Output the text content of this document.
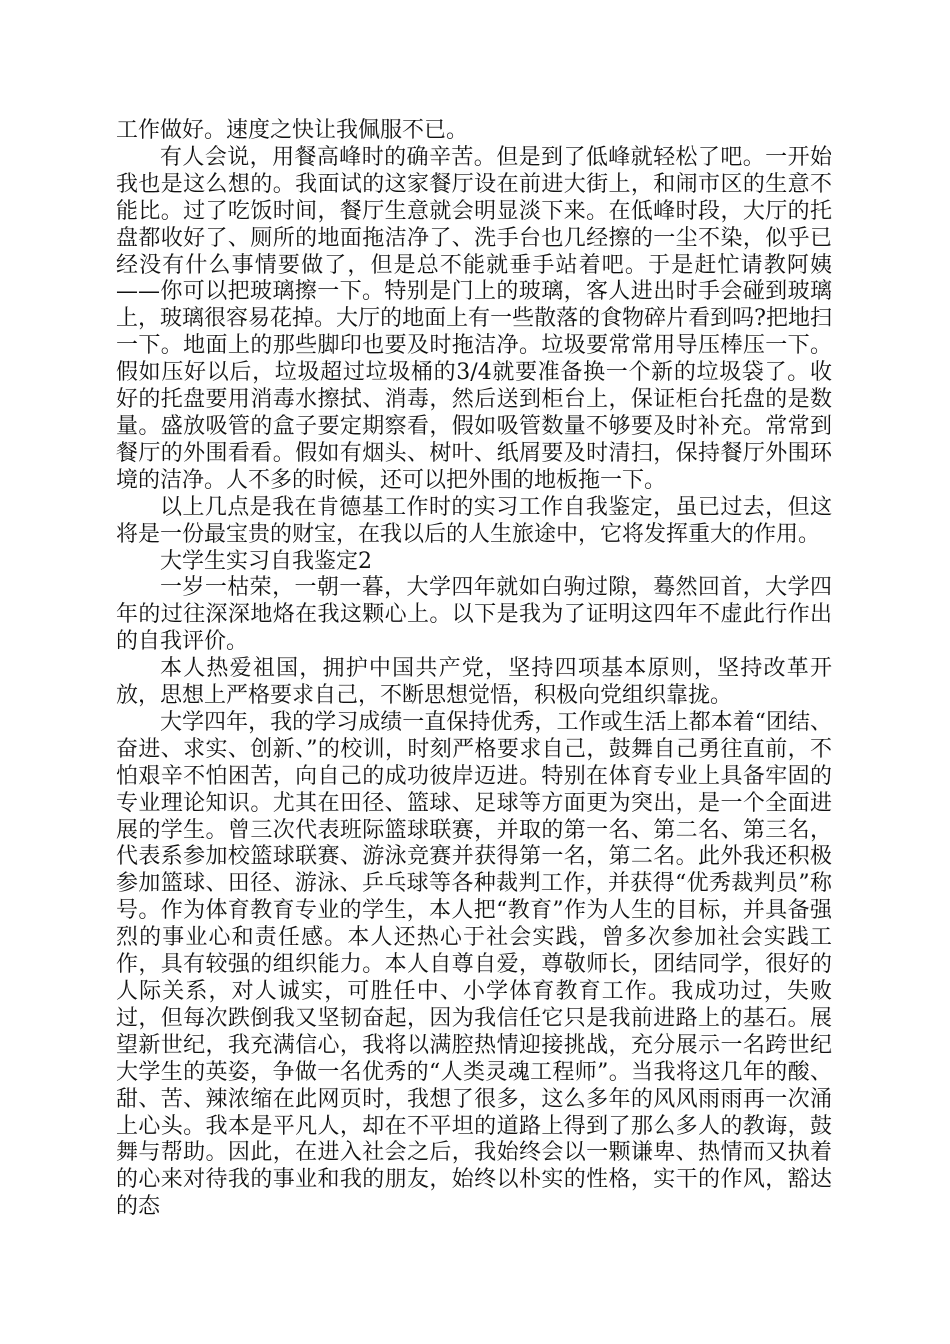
工作做好。速度之快让我佩服不已。

有人会说，用餐高峰时的确辛苦。但是到了低峰就轻松了吧。一开始我也是这么想的。我面试的这家餐厅设在前进大街上，和闹市区的生意不能比。过了吃饭时间，餐厅生意就会明显淡下来。在低峰时段，大厅的托盘都收好了、厕所的地面拖洁净了、洗手台也几经擦的一尘不染，似乎已经没有什么事情要做了，但是总不能就垂手站着吧。于是赶忙请教阿姨——你可以把玻璃擦一下。特别是门上的玻璃，客人进出时手会碰到玻璃上，玻璃很容易花掉。大厅的地面上有一些散落的食物碎片看到吗?把地扫一下。地面上的那些脚印也要及时拖洁净。垃圾要常常用导压棒压一下。假如压好以后，垃圾超过垃圾桶的3/4就要准备换一个新的垃圾袋了。收好的托盘要用消毒水擦拭、消毒，然后送到柜台上，保证柜台托盘的是数量。盛放吸管的盒子要定期察看，假如吸管数量不够要及时补充。常常到餐厅的外围看看。假如有烟头、树叶、纸屑要及时清扫，保持餐厅外围环境的洁净。人不多的时候，还可以把外围的地板拖一下。

以上几点是我在肯德基工作时的实习工作自我鉴定，虽已过去，但这将是一份最宝贵的财宝，在我以后的人生旅途中，它将发挥重大的作用。

大学生实习自我鉴定2

一岁一枯荣，一朝一暮，大学四年就如白驹过隙，蓦然回首，大学四年的过往深深地烙在我这颗心上。以下是我为了证明这四年不虚此行作出的自我评价。

本人热爱祖国，拥护中国共产党，坚持四项基本原则，坚持改革开放，思想上严格要求自己，不断思想觉悟，积极向党组织靠拢。

大学四年，我的学习成绩一直保持优秀，工作或生活上都本着“团结、奋进、求实、创新、”的校训，时刻严格要求自己，鼓舞自己勇往直前，不怕艰辛不怕困苦，向自己的成功彼岸迈进。特别在体育专业上具备牢固的专业理论知识。尤其在田径、篮球、足球等方面更为突出，是一个全面进展的学生。曾三次代表班际篮球联赛，并取的第一名、第二名、第三名，代表系参加校篮球联赛、游泳竞赛并获得第一名，第二名。此外我还积极参加篮球、田径、游泳、乒乓球等各种裁判工作，并获得“优秀裁判员”称号。作为体育教育专业的学生，本人把“教育”作为人生的目标，并具备强烈的事业心和责任感。本人还热心于社会实践，曾多次参加社会实践工作，具有较强的组织能力。本人自尊自爱，尊敬师长，团结同学，很好的人际关系，对人诚实，可胜任中、小学体育教育工作。我成功过，失败过，但每次跌倒我又坚韧奋起，因为我信任它只是我前进路上的基石。展望新世纪，我充满信心，我将以满腔热情迎接挑战，充分展示一名跨世纪大学生的英姿，争做一名优秀的“人类灵魂工程师”。当我将这几年的酸、甜、苦、辣浓缩在此网页时，我想了很多，这么多年的风风雨雨再一次涌上心头。我本是平凡人，却在不平坦的道路上得到了那么多人的教诲，鼓舞与帮助。因此，在进入社会之后，我始终会以一颗谦卑、热情而又执着的心来对待我的事业和我的朋友，始终以朴实的性格，实干的作风，豁达的态
